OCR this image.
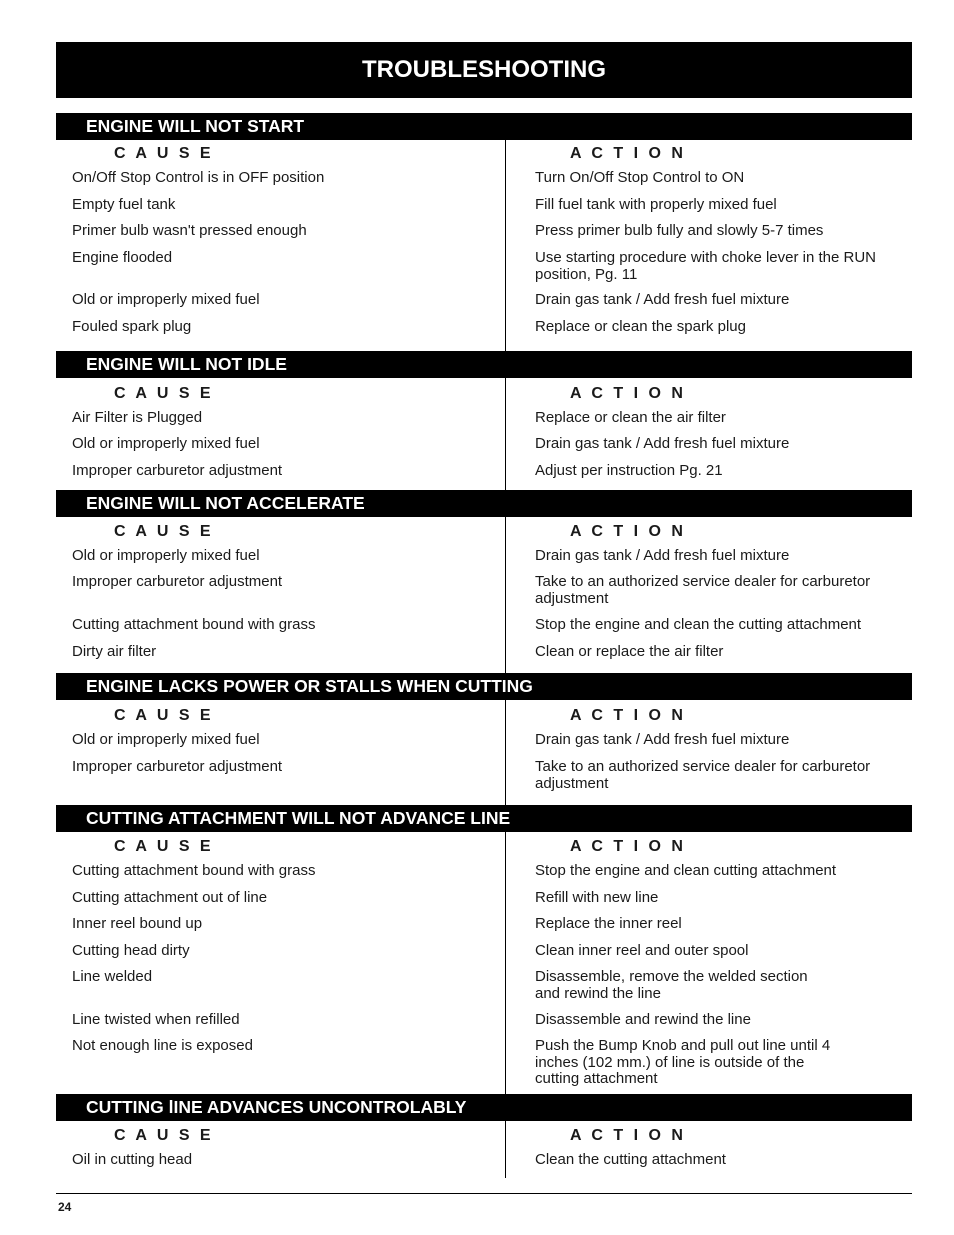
TROUBLESHOOTING
ENGINE WILL NOT START
C A U S E	A C T I O N
On/Off Stop Control is in OFF position	Turn On/Off Stop Control to ON
Empty fuel tank	Fill fuel tank with properly mixed fuel
Primer bulb wasn't pressed enough	Press primer bulb fully and slowly 5-7 times
Engine flooded	Use starting procedure with choke lever in the RUN position, Pg. 11
Old or improperly mixed fuel	Drain gas tank / Add fresh fuel mixture
Fouled spark plug	Replace or clean the spark plug
ENGINE WILL NOT IDLE
C A U S E	A C T I O N
Air Filter is Plugged	Replace or clean the air filter
Old or improperly mixed fuel	Drain gas tank / Add fresh fuel mixture
Improper carburetor adjustment	Adjust per instruction Pg. 21
ENGINE WILL NOT ACCELERATE
C A U S E	A C T I O N
Old or improperly mixed fuel	Drain gas tank / Add fresh fuel mixture
Improper carburetor adjustment	Take to an authorized service dealer for carburetor adjustment
Cutting attachment bound with grass	Stop the engine and clean the cutting attachment
Dirty air filter	Clean or replace the air filter
ENGINE LACKS POWER OR STALLS WHEN CUTTING
C A U S E	A C T I O N
Old or improperly mixed fuel	Drain gas tank / Add fresh fuel mixture
Improper carburetor adjustment	Take to an authorized service dealer for carburetor adjustment
CUTTING ATTACHMENT WILL NOT ADVANCE LINE
C A U S E	A C T I O N
Cutting attachment bound with grass	Stop the engine and clean cutting attachment
Cutting attachment out of line	Refill with new line
Inner reel bound up	Replace the inner reel
Cutting head dirty	Clean inner reel and outer spool
Line welded	Disassemble, remove the welded section and rewind the line
Line twisted when refilled	Disassemble and rewind the line
Not enough line is exposed	Push the Bump Knob and pull out line until 4 inches (102 mm.) of line is outside of the cutting attachment
CUTTING lINE ADVANCES UNCONTROLABLY
C A U S E	A C T I O N
Oil in cutting head	Clean the cutting attachment
24
